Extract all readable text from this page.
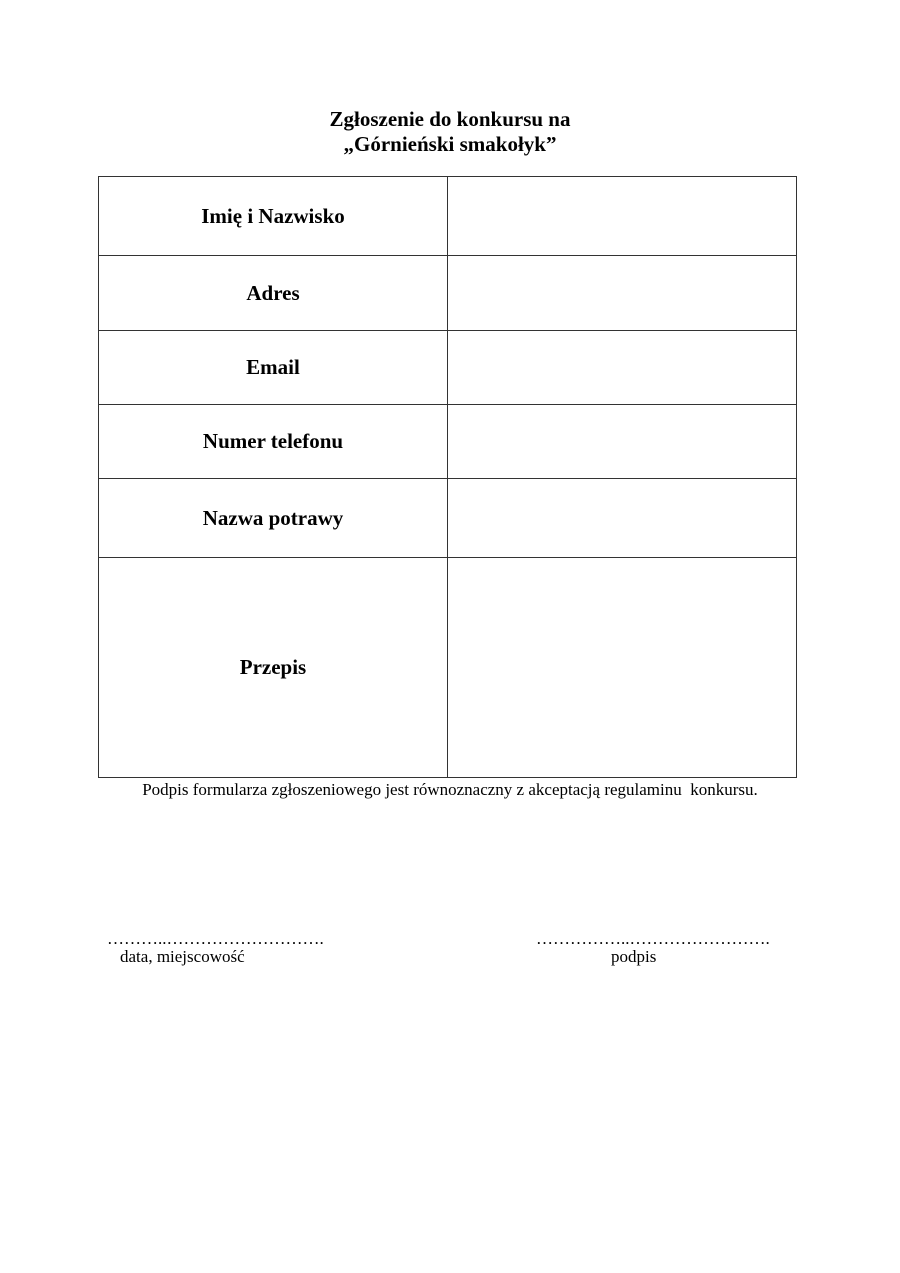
Zgłoszenie do konkursu na
„Górnieński smakołyk”
Imię i Nazwisko	
Adres	
Email	
Numer telefonu	
Nazwa potrawy	
Przepis	
Podpis formularza zgłoszeniowego jest równoznaczny z akceptacją regulaminu  konkursu.
………..……………………….
data, miejscowość
……………..…………………….
podpis
